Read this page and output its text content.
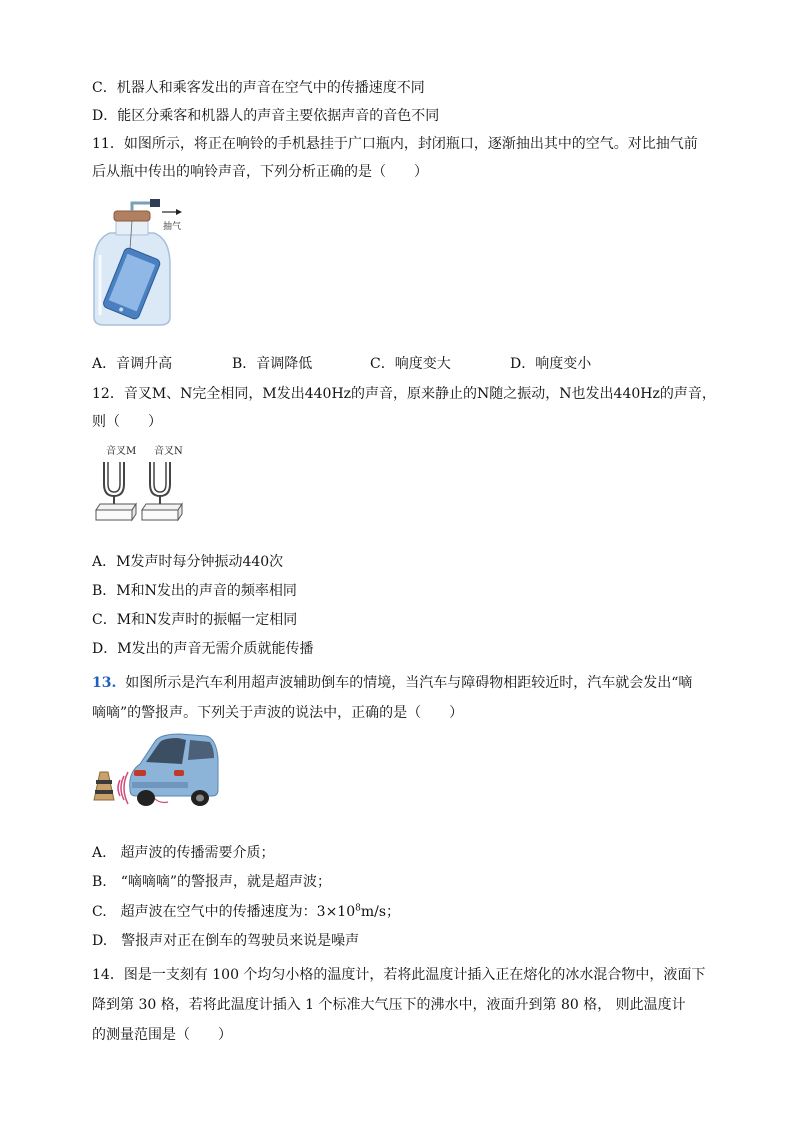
C．机器人和乘客发出的声音在空气中的传播速度不同
D．能区分乘客和机器人的声音主要依据声音的音色不同
11．如图所示，将正在响铃的手机悬挂于广口瓶内，封闭瓶口，逐渐抽出其中的空气。对比抽气前
后从瓶中传出的响铃声音，下列分析正确的是（　　）
抽气
A．音调升高	B．音调降低	C．响度变大	D．响度变小
12．音叉M、N完全相同，M发出440Hz的声音，原来静止的N随之振动，N也发出440Hz的声音，
则（　　）
音叉M 音叉N
A．M发声时每分钟振动440次
B．M和N发出的声音的频率相同
C．M和N发声时的振幅一定相同
D．M发出的声音无需介质就能传播
13. 如图所示是汽车利用超声波辅助倒车的情境，当汽车与障碍物相距较近时，汽车就会发出“嘀
嘀嘀”的警报声。下列关于声波的说法中，正确的是（　　）
A.　超声波的传播需要介质；
B.　“嘀嘀嘀”的警报声，就是超声波；
C.　超声波在空气中的传播速度为：$3\times 10^8m/s$；
D.　警报声对正在倒车的驾驶员来说是噪声
14．图是一支刻有 100 个均匀小格的温度计，若将此温度计插入正在熔化的冰水混合物中，液面下
降到第 30 格，若将此温度计插入 1 个标准大气压下的沸水中，液面升到第 80 格， 则此温度计
的测量范围是（　　）
